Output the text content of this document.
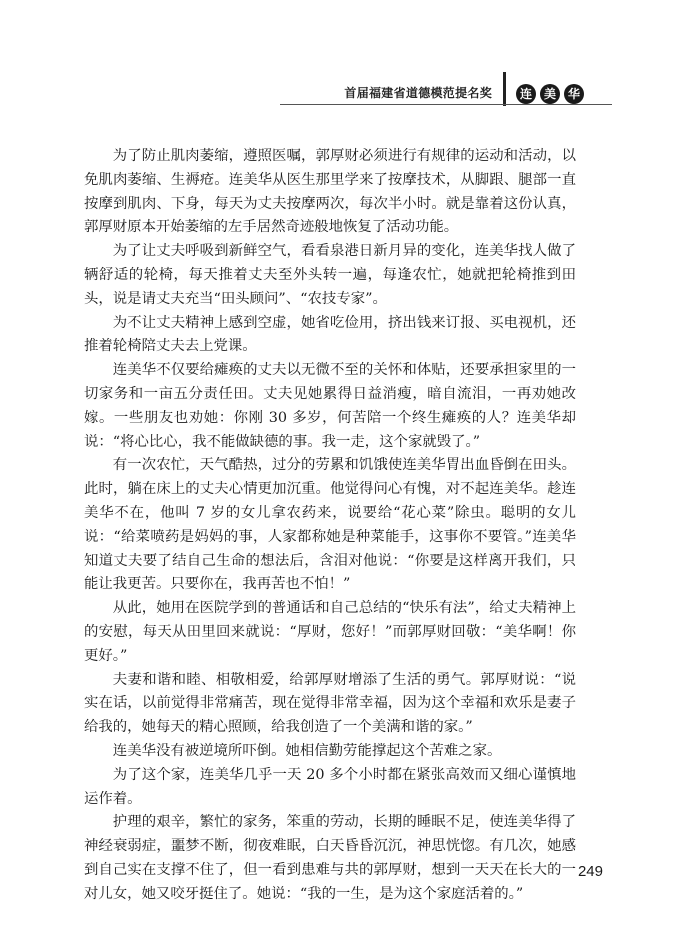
首届福建省道德模范提名奖	连 美 华

为了防止肌肉萎缩，遵照医嘱，郭厚财必须进行有规律的运动和活动，以免肌肉萎缩、生褥疮。连美华从医生那里学来了按摩技术，从脚跟、腿部一直按摩到肌肉、下身，每天为丈夫按摩两次，每次半小时。就是靠着这份认真，郭厚财原本开始萎缩的左手居然奇迹般地恢复了活动功能。

为了让丈夫呼吸到新鲜空气，看看泉港日新月异的变化，连美华找人做了辆舒适的轮椅，每天推着丈夫至外头转一遍，每逢农忙，她就把轮椅推到田头，说是请丈夫充当“田头顾问”、“农技专家”。

为不让丈夫精神上感到空虚，她省吃俭用，挤出钱来订报、买电视机，还推着轮椅陪丈夫去上党课。

连美华不仅要给瘫痪的丈夫以无微不至的关怀和体贴，还要承担家里的一切家务和一亩五分责任田。丈夫见她累得日益消瘦，暗自流泪，一再劝她改嫁。一些朋友也劝她：你刚 30 多岁，何苦陪一个终生瘫痪的人？连美华却说：“将心比心，我不能做缺德的事。我一走，这个家就毁了。”

有一次农忙，天气酷热，过分的劳累和饥饿使连美华胃出血昏倒在田头。此时，躺在床上的丈夫心情更加沉重。他觉得问心有愧，对不起连美华。趁连美华不在，他叫 7 岁的女儿拿农药来，说要给“花心菜”除虫。聪明的女儿说：“给菜喷药是妈妈的事，人家都称她是种菜能手，这事你不要管。”连美华知道丈夫要了结自己生命的想法后，含泪对他说：“你要是这样离开我们，只能让我更苦。只要你在，我再苦也不怕！”

从此，她用在医院学到的普通话和自己总结的“快乐有法”，给丈夫精神上的安慰，每天从田里回来就说：“厚财，您好！”而郭厚财回敬：“美华啊！你更好。”

夫妻和谐和睦、相敬相爱，给郭厚财增添了生活的勇气。郭厚财说：“说实在话，以前觉得非常痛苦，现在觉得非常幸福，因为这个幸福和欢乐是妻子给我的，她每天的精心照顾，给我创造了一个美满和谐的家。”

连美华没有被逆境所吓倒。她相信勤劳能撑起这个苦难之家。

为了这个家，连美华几乎一天 20 多个小时都在紧张高效而又细心谨慎地运作着。

护理的艰辛，繁忙的家务，笨重的劳动，长期的睡眠不足，使连美华得了神经衰弱症，噩梦不断，彻夜难眠，白天昏昏沉沉，神思恍惚。有几次，她感到自己实在支撑不住了，但一看到患难与共的郭厚财，想到一天天在长大的一对儿女，她又咬牙挺住了。她说：“我的一生，是为这个家庭活着的。”

249
